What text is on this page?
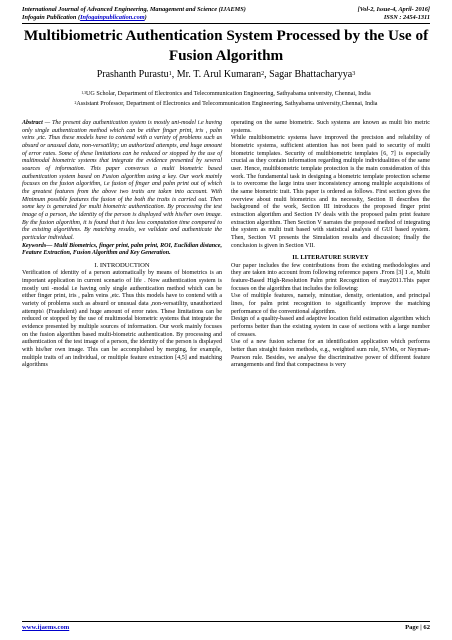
International Journal of Advanced Engineering, Management and Science (IJAEMS)	[Vol-2, Issue-4, April- 2016]
Infogain Publication (Infogainpublication.com)	ISSN : 2454-1311
Multibiometric Authentication System Processed by the Use of Fusion Algorithm
Prashanth Purastu$^1$, Mr. T. Arul Kumaran$^2$, Sagar Bhattacharyya$^3$
$^{1,3}$UG Scholar, Department of Electronics and Telecommunication Engineering, Sathyabama university, Chennai, India
$^2$Assistant Professor, Department of Electronics and Telecommunication Engineering, Sathyabama university,Chennai, India

Abstract — The present day authentication system is mostly uni-model i.e having only single authentication method which can be either finger print, iris , palm veins ,etc. Thus these models have to contend with a variety of problems such as absurd or unusual data, non-versatility; un authorized attempts, and huge amount of error rates. Some of these limitations can be reduced or stopped by the use of multimodal biometric systems that integrate the evidence presented by several sources of information. This paper converses a multi biometric based authentication system based on Fusion algorithm using a key. Our work mainly focuses on the fusion algorithm, i.e fusion of finger and palm print out of which the greatest features from the above two traits are taken into account. With Minimum possible features the fusion of the both the traits is carried out. Then some key is generated for multi biometric authentication. By processing the test image of a person, the identity of the person is displayed with his/her own image. By the fusion algorithm, it is found that it has less computation time compared to the existing algorithms. By matching results, we validate and authenticate the particular individual.

Keywords— Multi Biometrics, finger print, palm print, ROI, Euclidian distance, Feature Extraction, Fusion Algorithm and Key Generation.

I. INTRODUCTION

Verification of identity of a person automatically by means of biometrics is an important application in current scenario of life . Now authentication system is mostly uni -modal i.e having only single authentication method which can be either finger print, iris , palm veins ,etc. Thus this models have to contend with a variety of problems such as absurd or unusual data ,non-versatility, unauthorized attempts\ (Fraudulent) and huge amount of error rates. These limitations can be reduced or stopped by the use of multimodal biometric systems that integrate the evidence presented by multiple sources of information. Our work mainly focuses on the fusion algorithm based multi-biometric authentication. By processing and authentication of the test image of a person, the identity of the person is displayed with his/her own image. This can be accomplished by merging, for example, multiple traits of an individual, or multiple feature extraction [4,5] and matching algorithms

operating on the same biometric. Such systems are known as multi bio metric systems.

While multibiometric systems have improved the precision and reliability of biometric systems, sufficient attention has not been paid to security of multi biometric templates. Security of multibiometric templates [6, 7] is especially crucial as they contain information regarding multiple individualities of the same user. Hence, multibiometric template protection is the main consideration of this work. The fundamental task in designing a biometric template protection scheme is to overcome the large intra user inconsistency among multiple acquisitions of the same biometric trait. This paper is ordered as follows. First section gives the overview about multi biometrics and its necessity, Section II describes the background of the work, Section III introduces the proposed finger print extraction algorithm and Section IV deals with the proposed palm print feature extraction algorithm. Then Section V narrates the proposed method of integrating the system as multi trait based with statistical analysis of GUI based system. Then, Section VI presents the Simulation results and discussion; finally the conclusion is given in Section VII.

II. LITERATURE SURVEY

Our paper includes the few contributions from the existing methodologies and they are taken into account from following reference papers .From [3] I .e, Multi feature-Based High-Resolution Palm print Recognition of may2011.This paper focuses on the algorithm that includes the following:

Use of multiple features, namely, minutiae, density, orientation, and principal lines, for palm print recognition to significantly improve the matching performance of the conventional algorithm.

Design of a quality-based and adaptive location field estimation algorithm which performs better than the existing system in case of sections with a large number of creases.

Use of a new fusion scheme for an identification application which performs better than straight fusion methods, e.g., weighted sum rule, SVMs, or Neyman-Pearson rule. Besides, we analyse the discriminative power of different feature arrangements and find that compactness is very

www.ijaems.com	Page | 62
